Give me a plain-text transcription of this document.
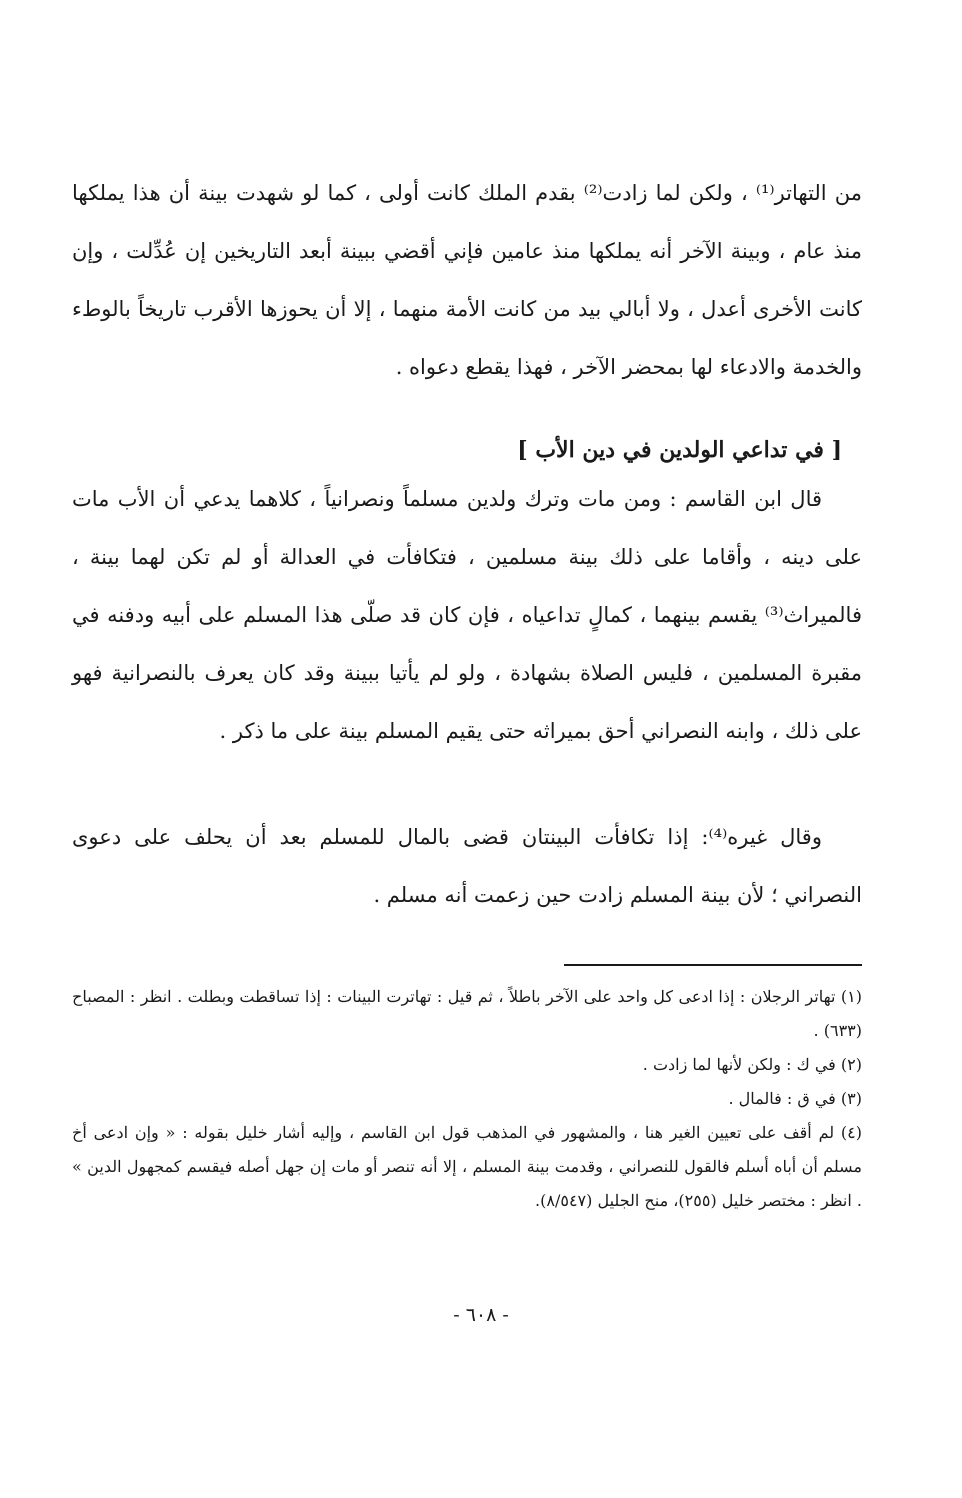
من التهاتر⁽¹⁾ ، ولكن لما زادت⁽²⁾ بقدم الملك كانت أولى ، كما لو شهدت بينة أن هذا يملكها منذ عام ، وبينة الآخر أنه يملكها منذ عامين فإني أقضي ببينة أبعد التاريخين إن عُدِّلت ، وإن كانت الأخرى أعدل ، ولا أبالي بيد من كانت الأمة منهما ، إلا أن يحوزها الأقرب تاريخاً بالوطء والخدمة والادعاء لها بمحضر الآخر ، فهذا يقطع دعواه .

[ في تداعي الولدين في دين الأب ]

قال ابن القاسم : ومن مات وترك ولدين مسلماً ونصرانياً ، كلاهما يدعي أن الأب مات على دينه ، وأقاما على ذلك بينة مسلمين ، فتكافأت في العدالة أو لم تكن لهما بينة ، فالميراث⁽³⁾ يقسم بينهما ، كمالٍ تداعياه ، فإن كان قد صلّى هذا المسلم على أبيه ودفنه في مقبرة المسلمين ، فليس الصلاة بشهادة ، ولو لم يأتيا ببينة وقد كان يعرف بالنصرانية فهو على ذلك ، وابنه النصراني أحق بميراثه حتى يقيم المسلم بينة على ما ذكر .

وقال غيره⁽⁴⁾: إذا تكافأت البينتان قضى بالمال للمسلم بعد أن يحلف على دعوى النصراني ؛ لأن بينة المسلم زادت حين زعمت أنه مسلم .

(١) تهاتر الرجلان : إذا ادعى كل واحد على الآخر باطلاً ، ثم قيل : تهاترت البينات : إذا تساقطت وبطلت . انظر : المصباح (٦٣٣) .

(٢) في ك : ولكن لأنها لما زادت .

(٣) في ق : فالمال .

(٤) لم أقف على تعيين الغير هنا ، والمشهور في المذهب قول ابن القاسم ، وإليه أشار خليل بقوله : « وإن ادعى أخ مسلم أن أباه أسلم فالقول للنصراني ، وقدمت بينة المسلم ، إلا أنه تنصر أو مات إن جهل أصله فيقسم كمجهول الدين » . انظر : مختصر خليل (٢٥٥)، منح الجليل (٨/٥٤٧).

- ٦٠٨ -
